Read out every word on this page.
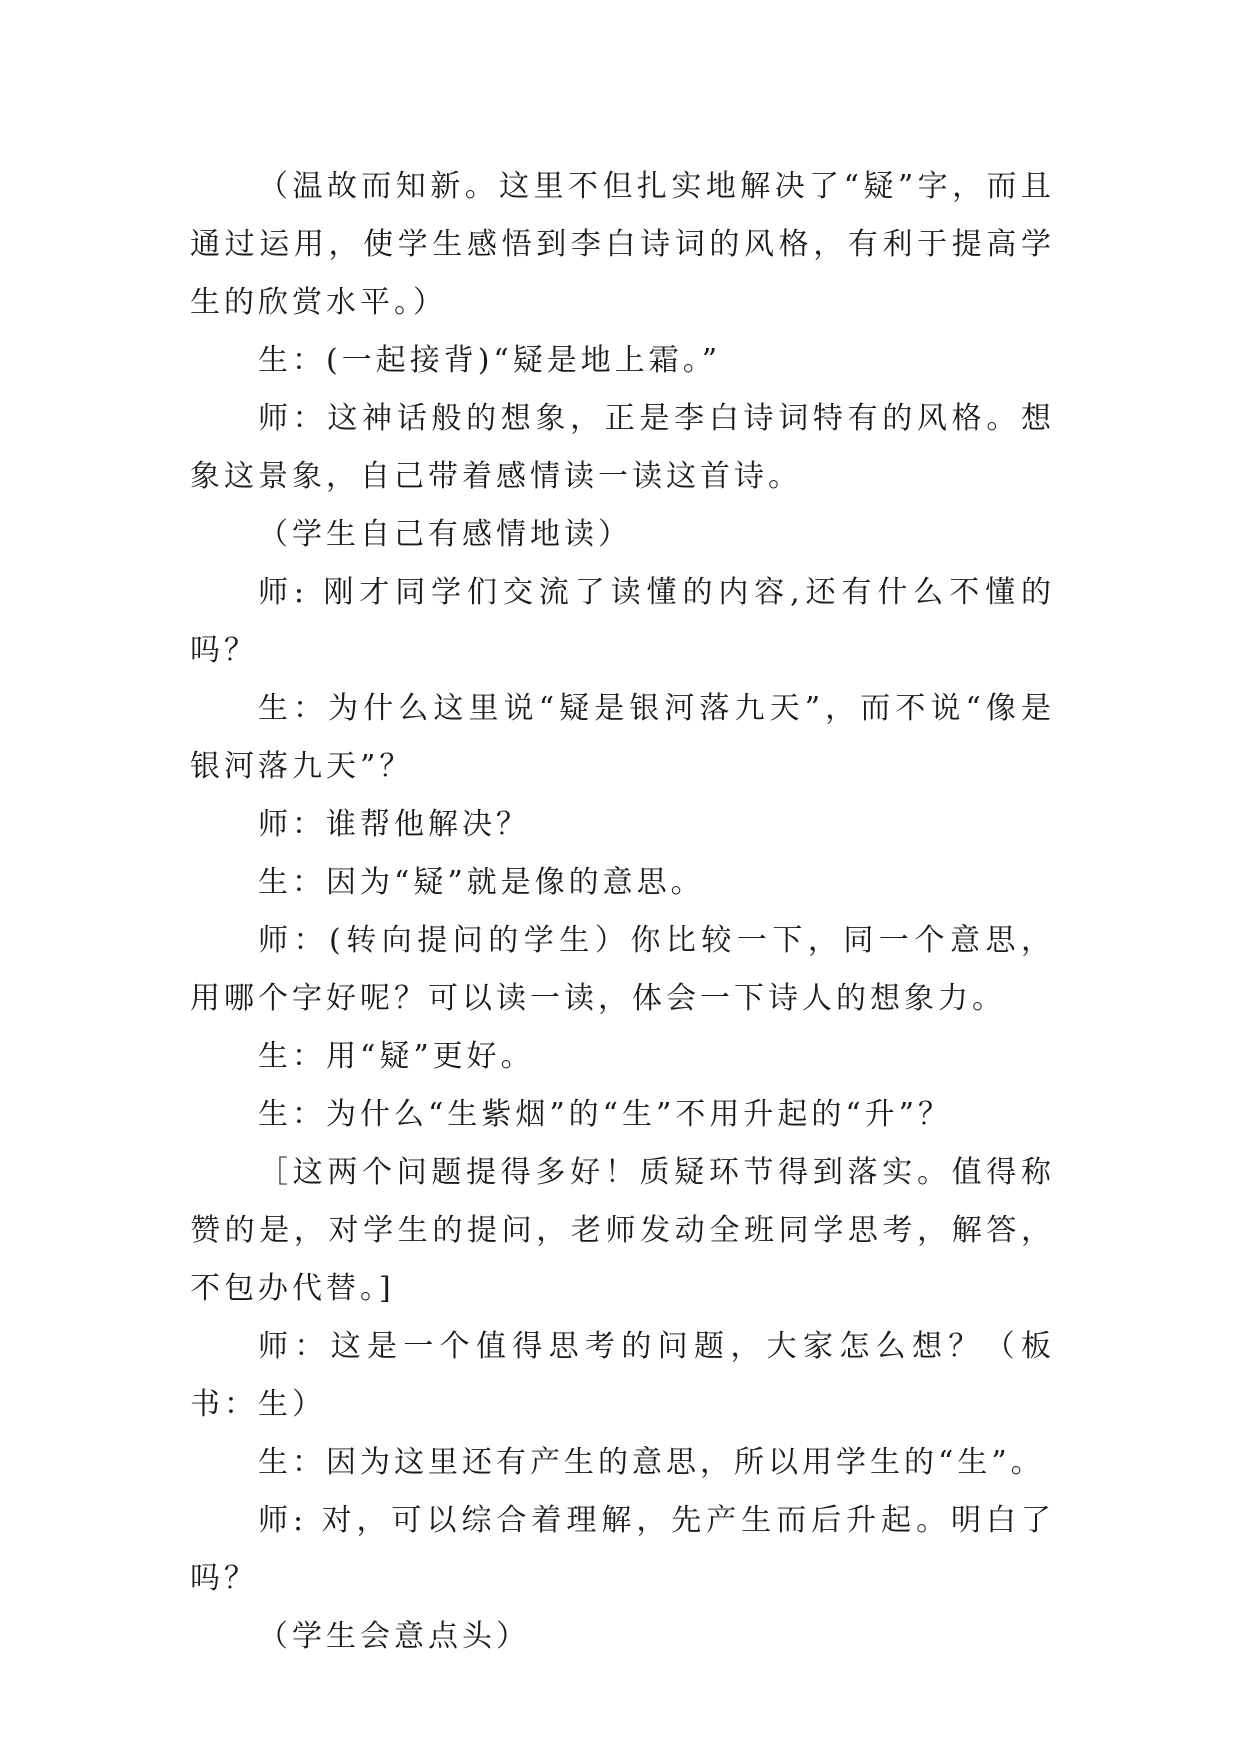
（温故而知新。这里不但扎实地解决了“疑”字，而且通过运用，使学生感悟到李白诗词的风格，有利于提高学生的欣赏水平。）

生：(一起接背)“疑是地上霜。”

师：这神话般的想象，正是李白诗词特有的风格。想象这景象，自己带着感情读一读这首诗。

（学生自己有感情地读）

师: 刚才同学们交流了读懂的内容,还有什么不懂的吗？

生：为什么这里说“疑是银河落九天”，而不说“像是银河落九天”？

师：谁帮他解决？

生：因为“疑”就是像的意思。

师：(转向提问的学生）你比较一下，同一个意思，用哪个字好呢？可以读一读，体会一下诗人的想象力。

生：用“疑”更好。

生：为什么“生紫烟”的“生”不用升起的“升”？

［这两个问题提得多好！质疑环节得到落实。值得称赞的是，对学生的提问，老师发动全班同学思考，解答，不包办代替。]

师：这是一个值得思考的问题，大家怎么想？（板书：生）

生：因为这里还有产生的意思，所以用学生的“生”。

师: 对，可以综合着理解，先产生而后升起。明白了吗？

（学生会意点头）
